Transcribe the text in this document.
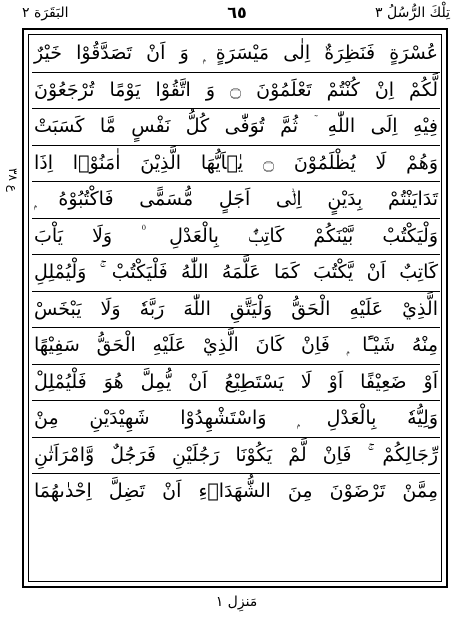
تِلْكَ الرُّسُلُ ٣
٦٥
البَقَرَة ٢
ع ٣٨
عُسْرَةٍ فَنَظِرَةٌ اِلٰى مَيْسَرَةٍ ۭ وَ اَنْ تَصَدَّقُوْا خَيْرٌ
لَّكُمْ اِنْ كُنْتُمْ تَعْلَمُوْنَ ۝ وَ اتَّقُوْا يَوْمًا تُرْجَعُوْنَ
فِيْهِ اِلَى اللّٰهِ ۤ ثُمَّ تُوَفّٰى كُلُّ نَفْسٍ مَّا كَسَبَتْ
وَهُمْ لَا يُظْلَمُوْنَ ۝ يٰۤاَيُّهَا الَّذِيْنَ اٰمَنُوْۤا اِذَا
تَدَايَنْتُمْ بِدَيْنٍ اِلٰۤى اَجَلٍ مُّسَمًّى فَاكْتُبُوْهُ ۭ
وَلْيَكْتُبْ بَّيْنَكُمْ كَاتِبٌۢ بِالْعَدْلِ ۠ وَلَا يَاْبَ
كَاتِبٌ اَنْ يَّكْتُبَ كَمَا عَلَّمَهُ اللّٰهُ فَلْيَكْتُبْ ۚ وَلْيُمْلِلِ
الَّذِيْ عَلَيْهِ الْحَقُّ وَلْيَتَّقِ اللّٰهَ رَبَّهٗ وَلَا يَبْخَسْ
مِنْهُ شَيْـًٔا ۭ فَاِنْ كَانَ الَّذِيْ عَلَيْهِ الْحَقُّ سَفِيْهًا
اَوْ ضَعِيْفًا اَوْ لَا يَسْتَطِيْعُ اَنْ يُّمِلَّ هُوَ فَلْيُمْلِلْ
وَلِيُّهٗ بِالْعَدْلِ ۭ وَاسْتَشْهِدُوْا شَهِيْدَيْنِ مِنْ
رِّجَالِكُمْ ۚ فَاِنْ لَّمْ يَكُوْنَا رَجُلَيْنِ فَرَجُلٌ وَّامْرَاَتٰنِ
مِمَّنْ تَرْضَوْنَ مِنَ الشُّهَدَاۗءِ اَنْ تَضِلَّ اِحْدٰىهُمَا
مَنزِل ١
